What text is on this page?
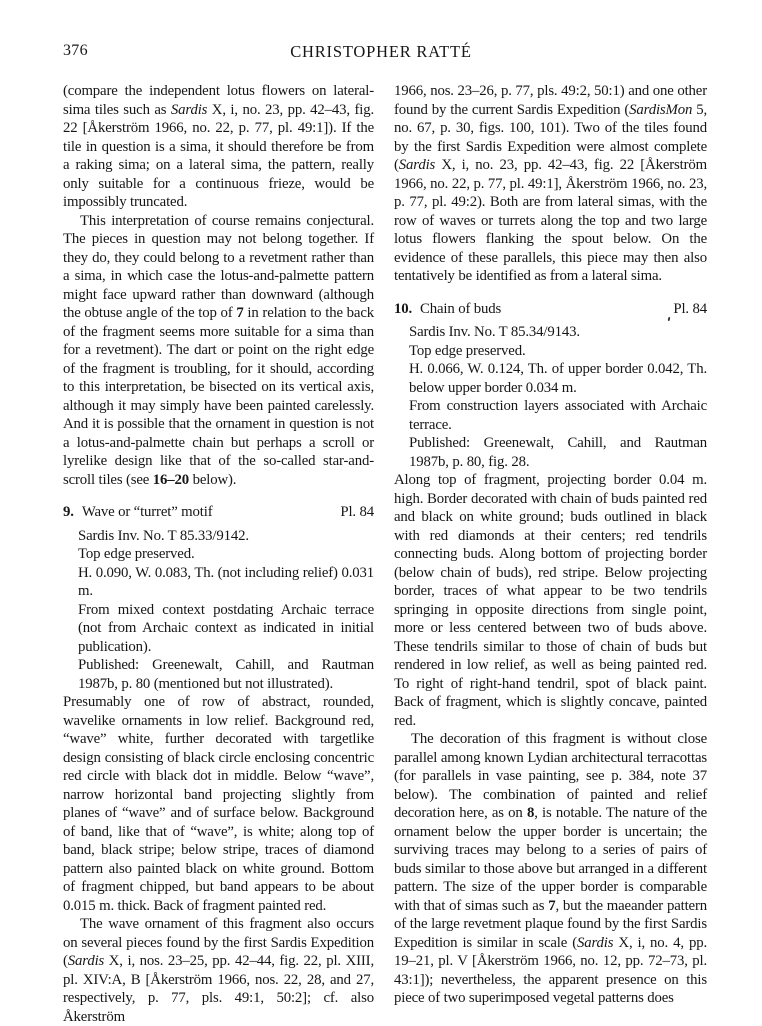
376	CHRISTOPHER RATTÉ

(compare the independent lotus flowers on lateral-sima tiles such as Sardis X, i, no. 23, pp. 42–43, fig. 22 [Åkerström 1966, no. 22, p. 77, pl. 49:1]). If the tile in question is a sima, it should therefore be from a raking sima; on a lateral sima, the pattern, really only suitable for a continuous frieze, would be impossibly truncated.

This interpretation of course remains conjectural. The pieces in question may not belong together. If they do, they could belong to a revetment rather than a sima, in which case the lotus-and-palmette pattern might face upward rather than downward (although the obtuse angle of the top of 7 in relation to the back of the fragment seems more suitable for a sima than for a revetment). The dart or point on the right edge of the fragment is troubling, for it should, according to this interpretation, be bisected on its vertical axis, although it may simply have been painted carelessly. And it is possible that the ornament in question is not a lotus-and-palmette chain but perhaps a scroll or lyrelike design like that of the so-called star-and-scroll tiles (see 16–20 below).

9. Wave or “turret” motif	Pl. 84

Sardis Inv. No. T 85.33/9142.

Top edge preserved.

H. 0.090, W. 0.083, Th. (not including relief) 0.031 m.

From mixed context postdating Archaic terrace (not from Archaic context as indicated in initial publication).

Published: Greenewalt, Cahill, and Rautman 1987b, p. 80 (mentioned but not illustrated).

Presumably one of row of abstract, rounded, wavelike ornaments in low relief. Background red, “wave” white, further decorated with targetlike design consisting of black circle enclosing concentric red circle with black dot in middle. Below “wave”, narrow horizontal band projecting slightly from planes of “wave” and of surface below. Background of band, like that of “wave”, is white; along top of band, black stripe; below stripe, traces of diamond pattern also painted black on white ground. Bottom of fragment chipped, but band appears to be about 0.015 m. thick. Back of fragment painted red.

The wave ornament of this fragment also occurs on several pieces found by the first Sardis Expedition (Sardis X, i, nos. 23–25, pp. 42–44, fig. 22, pl. XIII, pl. XIV:A, B [Åkerström 1966, nos. 22, 28, and 27, respectively, p. 77, pls. 49:1, 50:2]; cf. also Åkerström

1966, nos. 23–26, p. 77, pls. 49:2, 50:1) and one other found by the current Sardis Expedition (SardisMon 5, no. 67, p. 30, figs. 100, 101). Two of the tiles found by the first Sardis Expedition were almost complete (Sardis X, i, no. 23, pp. 42–43, fig. 22 [Åkerström 1966, no. 22, p. 77, pl. 49:1], Åkerström 1966, no. 23, p. 77, pl. 49:2). Both are from lateral simas, with the row of waves or turrets along the top and two large lotus flowers flanking the spout below. On the evidence of these parallels, this piece may then also tentatively be identified as from a lateral sima.

10. Chain of buds	Pl. 84

Sardis Inv. No. T 85.34/9143.

Top edge preserved.

H. 0.066, W. 0.124, Th. of upper border 0.042, Th. below upper border 0.034 m.

From construction layers associated with Archaic terrace.

Published: Greenewalt, Cahill, and Rautman 1987b, p. 80, fig. 28.

Along top of fragment, projecting border 0.04 m. high. Border decorated with chain of buds painted red and black on white ground; buds outlined in black with red diamonds at their centers; red tendrils connecting buds. Along bottom of projecting border (below chain of buds), red stripe. Below projecting border, traces of what appear to be two tendrils springing in opposite directions from single point, more or less centered between two of buds above. These tendrils similar to those of chain of buds but rendered in low relief, as well as being painted red. To right of right-hand tendril, spot of black paint. Back of fragment, which is slightly concave, painted red.

The decoration of this fragment is without close parallel among known Lydian architectural terracottas (for parallels in vase painting, see p. 384, note 37 below). The combination of painted and relief decoration here, as on 8, is notable. The nature of the ornament below the upper border is uncertain; the surviving traces may belong to a series of pairs of buds similar to those above but arranged in a different pattern. The size of the upper border is comparable with that of simas such as 7, but the maeander pattern of the large revetment plaque found by the first Sardis Expedition is similar in scale (Sardis X, i, no. 4, pp. 19–21, pl. V [Åkerström 1966, no. 12, pp. 72–73, pl. 43:1]); nevertheless, the apparent presence on this piece of two superimposed vegetal patterns does
